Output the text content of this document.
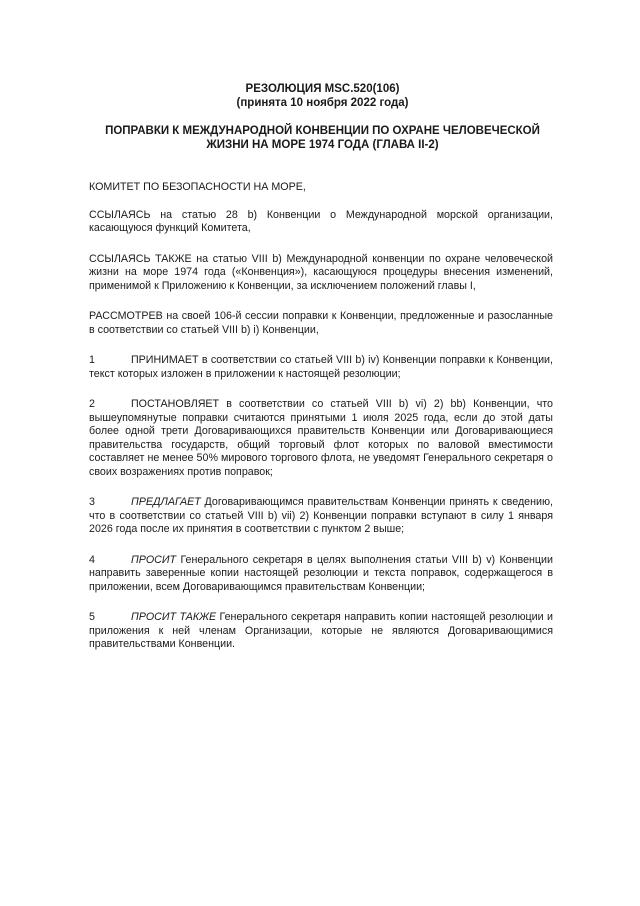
РЕЗОЛЮЦИЯ MSC.520(106)
(принята 10 ноября 2022 года)
ПОПРАВКИ К МЕЖДУНАРОДНОЙ КОНВЕНЦИИ ПО ОХРАНЕ ЧЕЛОВЕЧЕСКОЙ
ЖИЗНИ НА МОРЕ 1974 ГОДА (ГЛАВА II-2)

КОМИТЕТ ПО БЕЗОПАСНОСТИ НА МОРЕ,

ССЫЛАЯСЬ на статью 28 b) Конвенции о Международной морской организации, касающуюся функций Комитета,

ССЫЛАЯСЬ ТАКЖЕ на статью VIII b) Международной конвенции по охране человеческой жизни на море 1974 года («Конвенция»), касающуюся процедуры внесения изменений, применимой к Приложению к Конвенции, за исключением положений главы I,

РАССМОТРЕВ на своей 106-й сессии поправки к Конвенции, предложенные и разосланные в соответствии со статьей VIII b) i) Конвенции,

1	ПРИНИМАЕТ в соответствии со статьей VIII b) iv) Конвенции поправки к Конвенции, текст которых изложен в приложении к настоящей резолюции;

2	ПОСТАНОВЛЯЕТ в соответствии со статьей VIII b) vi) 2) bb) Конвенции, что вышеупомянутые поправки считаются принятыми 1 июля 2025 года, если до этой даты более одной трети Договаривающихся правительств Конвенции или Договаривающиеся правительства государств, общий торговый флот которых по валовой вместимости составляет не менее 50% мирового торгового флота, не уведомят Генерального секретаря о своих возражениях против поправок;

3	ПРЕДЛАГАЕТ Договаривающимся правительствам Конвенции принять к сведению, что в соответствии со статьей VIII b) vii) 2) Конвенции поправки вступают в силу 1 января 2026 года после их принятия в соответствии с пунктом 2 выше;

4	ПРОСИТ Генерального секретаря в целях выполнения статьи VIII b) v) Конвенции направить заверенные копии настоящей резолюции и текста поправок, содержащегося в приложении, всем Договаривающимся правительствам Конвенции;

5	ПРОСИТ ТАКЖЕ Генерального секретаря направить копии настоящей резолюции и приложения к ней членам Организации, которые не являются Договаривающимися правительствами Конвенции.
